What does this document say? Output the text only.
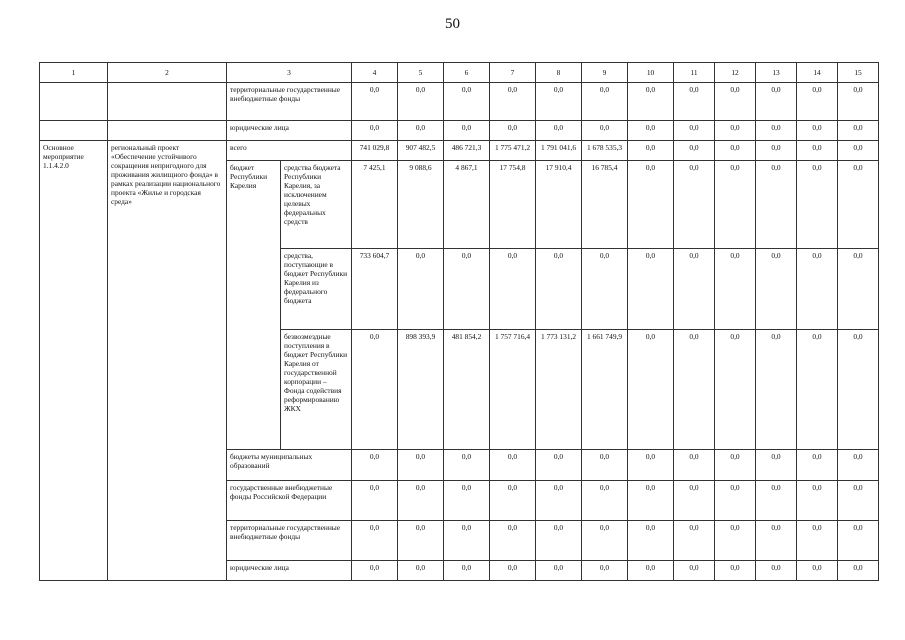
50
1	2	3		4	5	6	7	8	9	10	11	12	13	14	15
		территориальные государственные внебюджетные фонды		0,0	0,0	0,0	0,0	0,0	0,0	0,0	0,0	0,0	0,0	0,0	0,0
		юридические лица		0,0	0,0	0,0	0,0	0,0	0,0	0,0	0,0	0,0	0,0	0,0	0,0
Основное мероприятие 1.1.4.2.0	региональный проект «Обеспечение устойчивого сокращения непригодного для проживания жилищного фонда» в рамках реализации национального проекта «Жилье и городская среда»	всего		741 029,8	907 482,5	486 721,3	1 775 471,2	1 791 041,6	1 678 535,3	0,0	0,0	0,0	0,0	0,0	0,0
		бюджет Республики Карелия	средства бюджета Республики Карелия, за исключением целевых федеральных средств	7 425,1	9 088,6	4 867,1	17 754,8	17 910,4	16 785,4	0,0	0,0	0,0	0,0	0,0	0,0
			средства, поступающие в бюджет Республики Карелия из федерального бюджета	733 604,7	0,0	0,0	0,0	0,0	0,0	0,0	0,0	0,0	0,0	0,0	0,0
			безвозмездные поступления в бюджет Республики Карелия от государственной корпорации – Фонда содействия реформированию ЖКХ	0,0	898 393,9	481 854,2	1 757 716,4	1 773 131,2	1 661 749,9	0,0	0,0	0,0	0,0	0,0	0,0
		бюджеты муниципальных образований		0,0	0,0	0,0	0,0	0,0	0,0	0,0	0,0	0,0	0,0	0,0	0,0
		государственные внебюджетные фонды Российской Федерации		0,0	0,0	0,0	0,0	0,0	0,0	0,0	0,0	0,0	0,0	0,0	0,0
		территориальные государственные внебюджетные фонды		0,0	0,0	0,0	0,0	0,0	0,0	0,0	0,0	0,0	0,0	0,0	0,0
		юридические лица		0,0	0,0	0,0	0,0	0,0	0,0	0,0	0,0	0,0	0,0	0,0	0,0
